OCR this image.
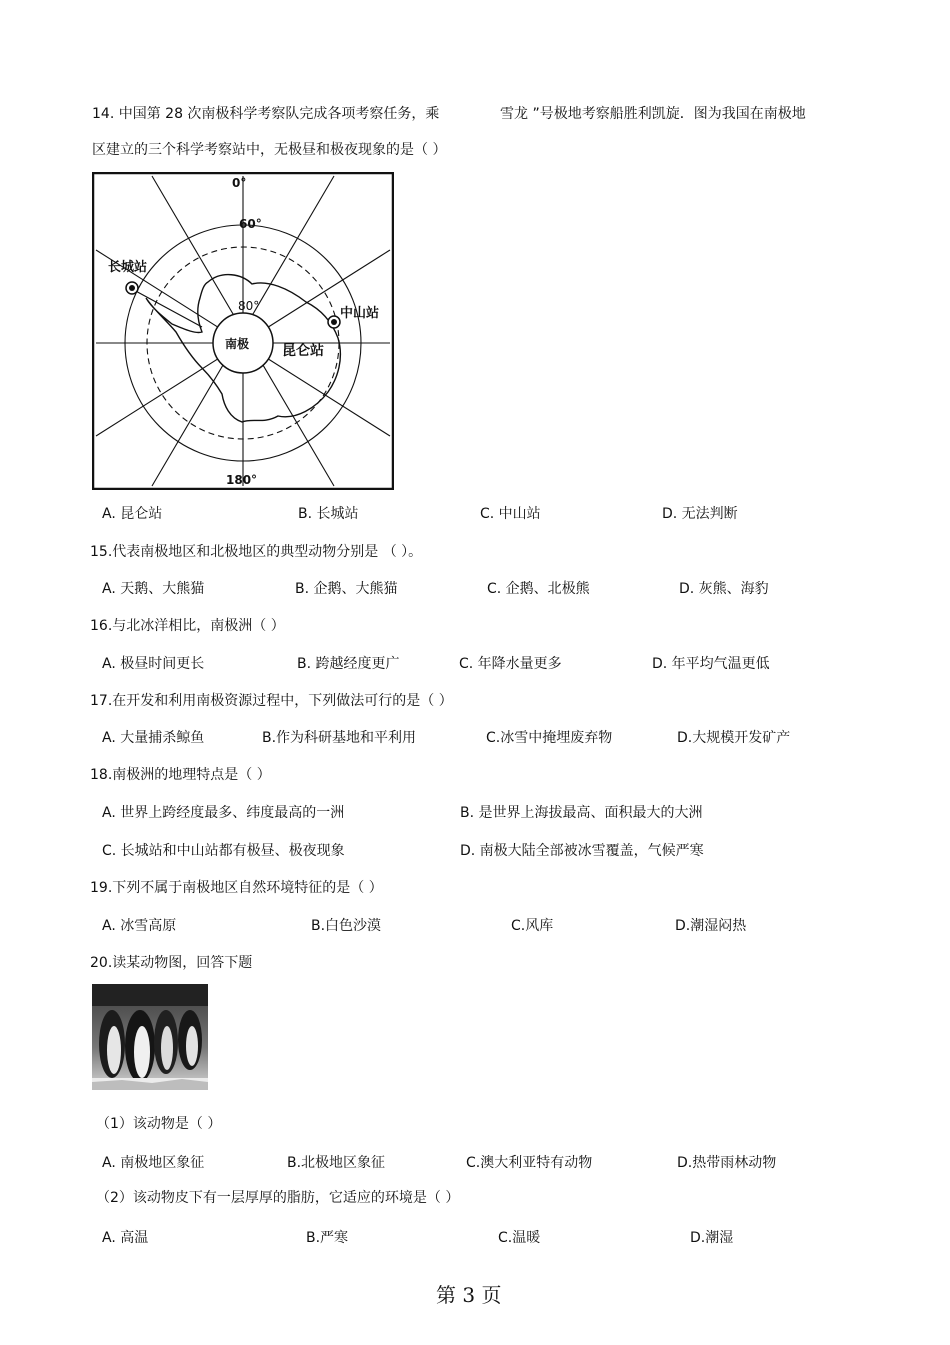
14. 中国第 28 次南极科学考察队完成各项考察任务，乘	雪龙 ”号极地考察船胜利凯旋．图为我国在南极地
区建立的三个科学考察站中，无极昼和极夜现象的是（ ）
0°
180°
60°
80°
南极
长城站
中山站
昆仑站
A. 昆仑站	B. 长城站	C. 中山站	D. 无法判断
15.代表南极地区和北极地区的典型动物分别是 （ ）。
A. 天鹅、大熊猫	B. 企鹅、大熊猫	C. 企鹅、北极熊	D. 灰熊、海豹
16.与北冰洋相比，南极洲（ ）
A. 极昼时间更长	B. 跨越经度更广	C. 年降水量更多	D. 年平均气温更低
17.在开发和利用南极资源过程中，下列做法可行的是（ ）
A. 大量捕杀鲸鱼	B.作为科研基地和平利用	C.冰雪中掩埋废弃物	D.大规模开发矿产
18.南极洲的地理特点是（ ）
A. 世界上跨经度最多、纬度最高的一洲	B. 是世界上海拔最高、面积最大的大洲
C. 长城站和中山站都有极昼、极夜现象	D. 南极大陆全部被冰雪覆盖，气候严寒
19.下列不属于南极地区自然环境特征的是（ ）
A. 冰雪高原	B.白色沙漠	C.风库	D.潮湿闷热
20.读某动物图，回答下题
（1）该动物是（ ）
A. 南极地区象征	B.北极地区象征	C.澳大利亚特有动物	D.热带雨林动物
（2）该动物皮下有一层厚厚的脂肪，它适应的环境是（ ）
A. 高温	B.严寒	C.温暖	D.潮湿
第 3 页
